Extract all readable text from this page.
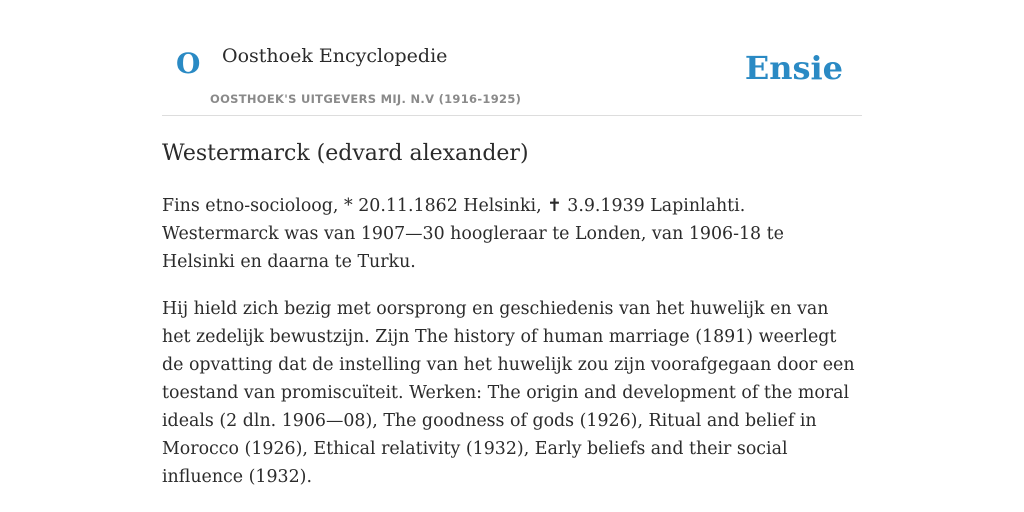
O Oosthoek Encyclopedie
OOSTHOEK'S UITGEVERS MIJ. N.V (1916-1925)
Ensie
Westermarck (edvard alexander)

Fins etno-socioloog, * 20.11.1862 Helsinki, ✝ 3.9.1939 Lapinlahti. Westermarck was van 1907—30 hoogleraar te Londen, van 1906-18 te Helsinki en daarna te Turku.

Hij hield zich bezig met oorsprong en geschiedenis van het huwelijk en van het zedelijk bewustzijn. Zijn The history of human marriage (1891) weerlegt de opvatting dat de instelling van het huwelijk zou zijn voorafgegaan door een toestand van promiscuïteit. Werken: The origin and development of the moral ideals (2 dln. 1906—08), The goodness of gods (1926), Ritual and belief in Morocco (1926), Ethical relativity (1932), Early beliefs and their social influence (1932).
